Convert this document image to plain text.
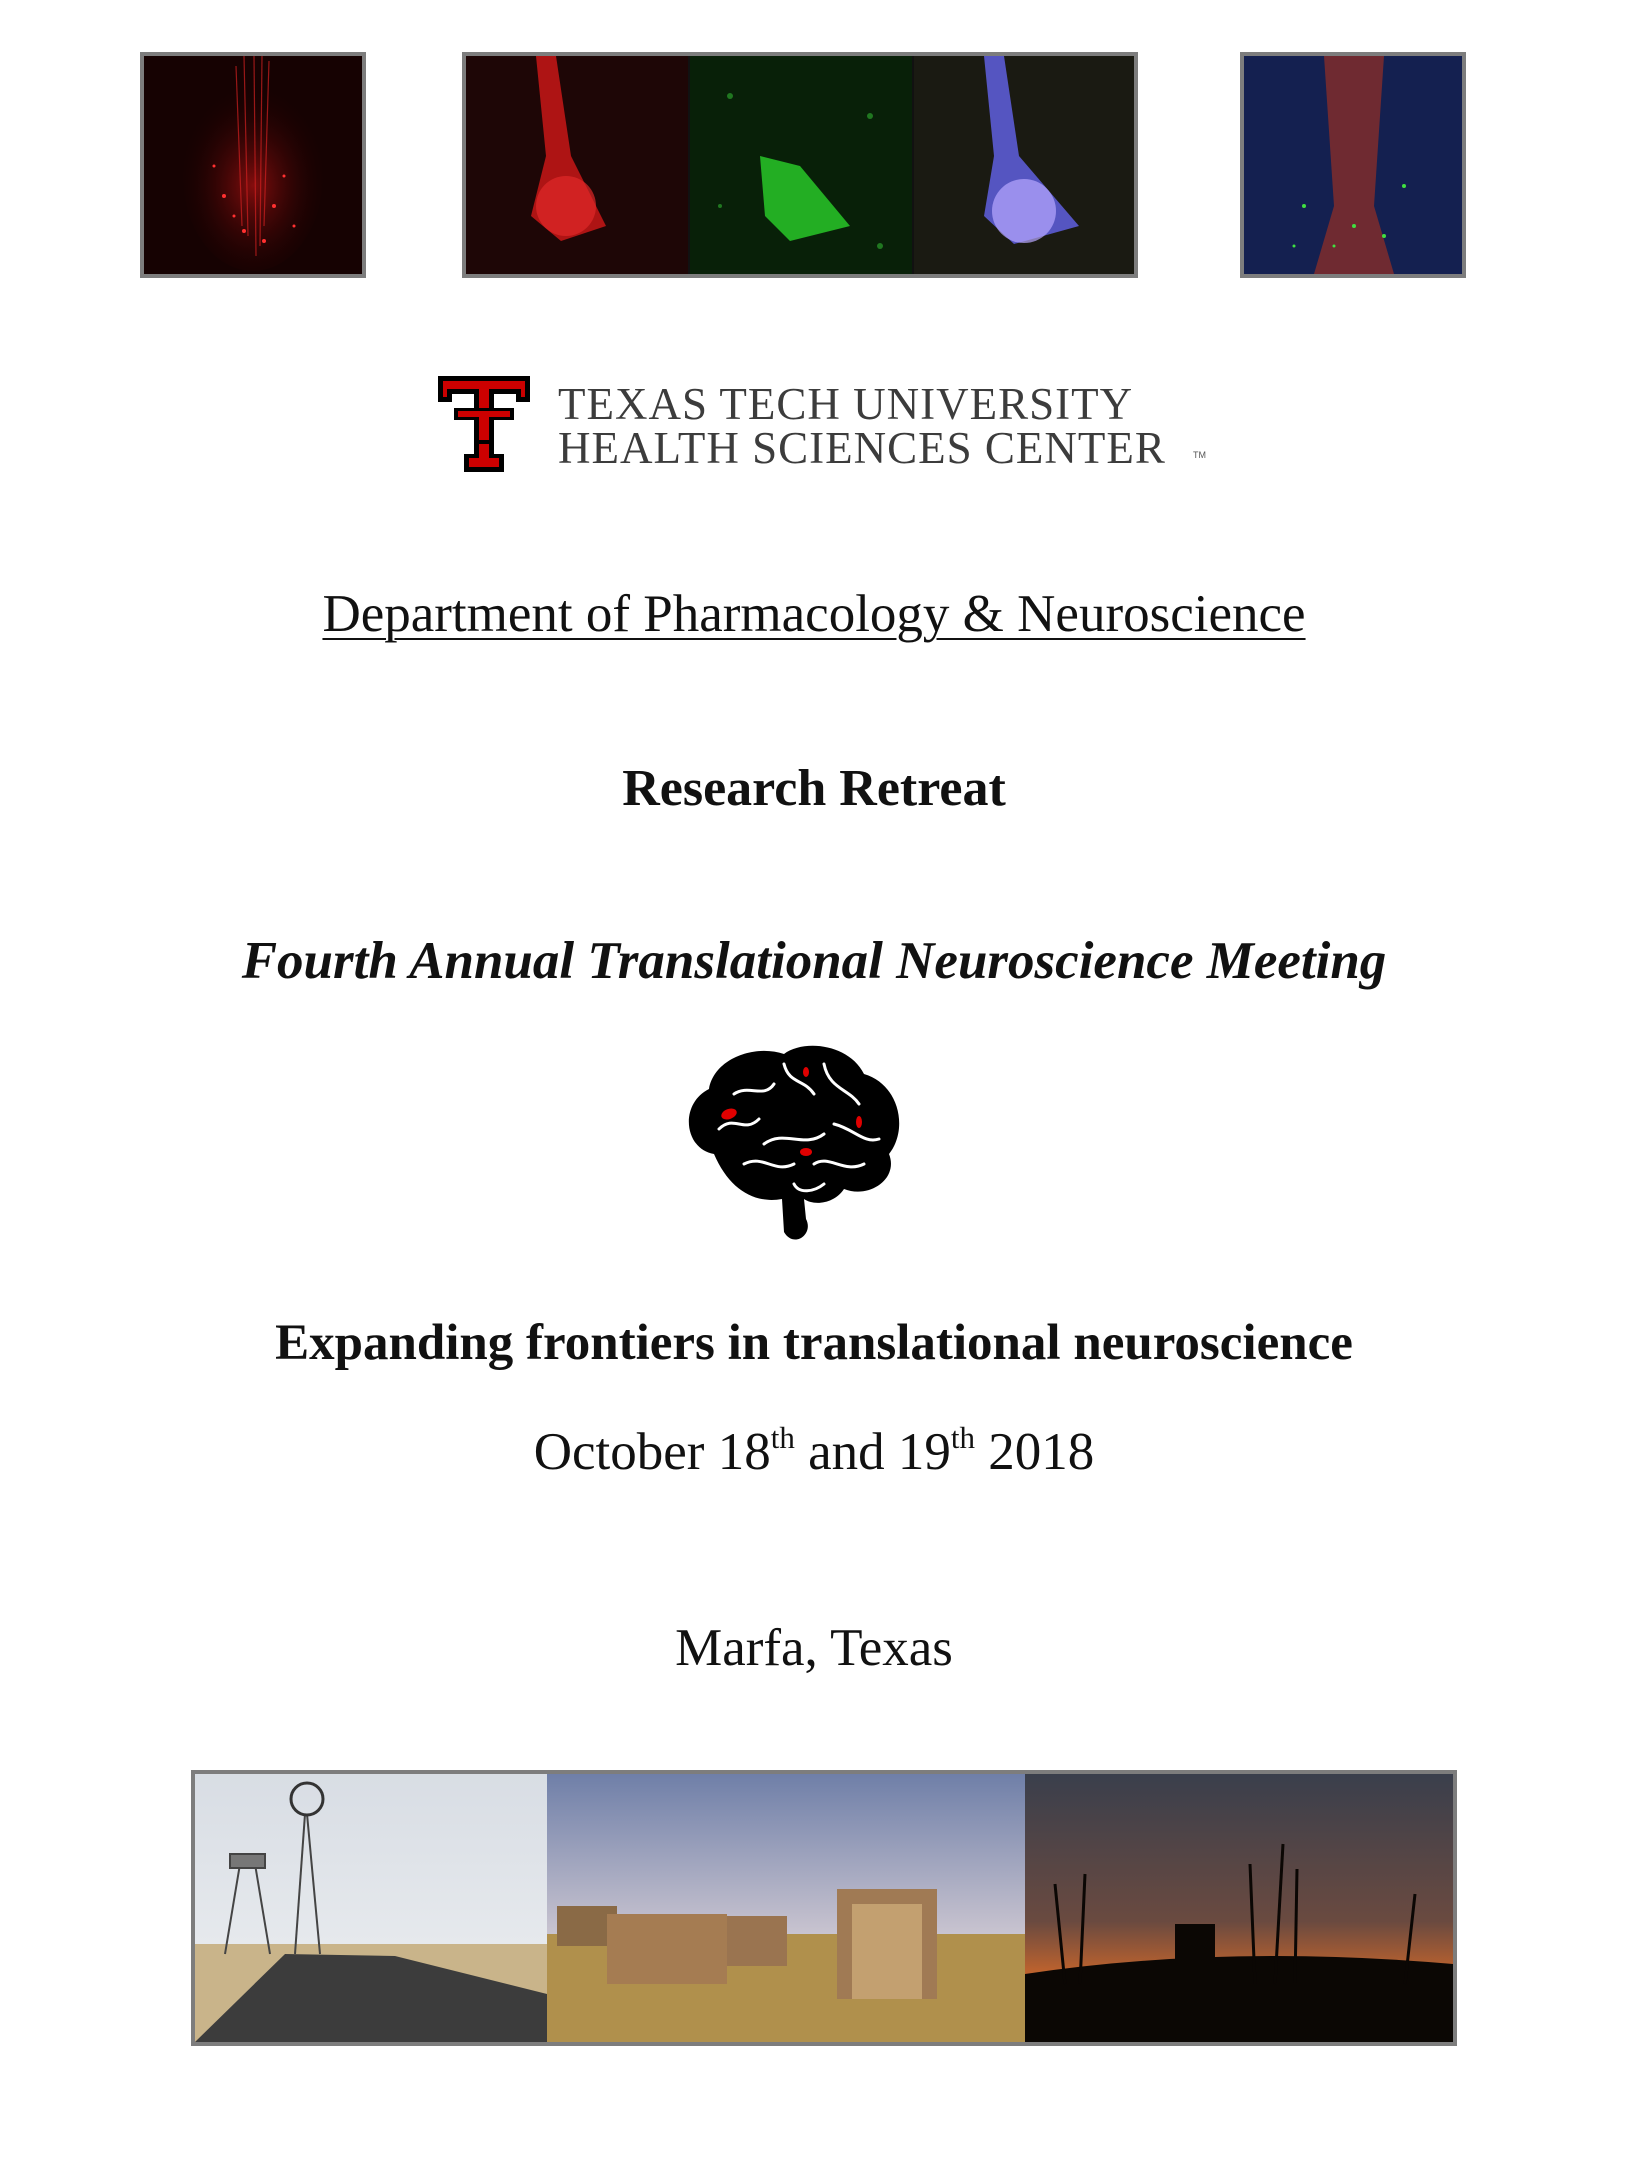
TEXAS TECH UNIVERSITY
HEALTH SCIENCES CENTER	TM
Department of Pharmacology & Neuroscience
Research Retreat
Fourth Annual Translational Neuroscience Meeting
Expanding frontiers in translational neuroscience
October 18th and 19th 2018
Marfa, Texas
